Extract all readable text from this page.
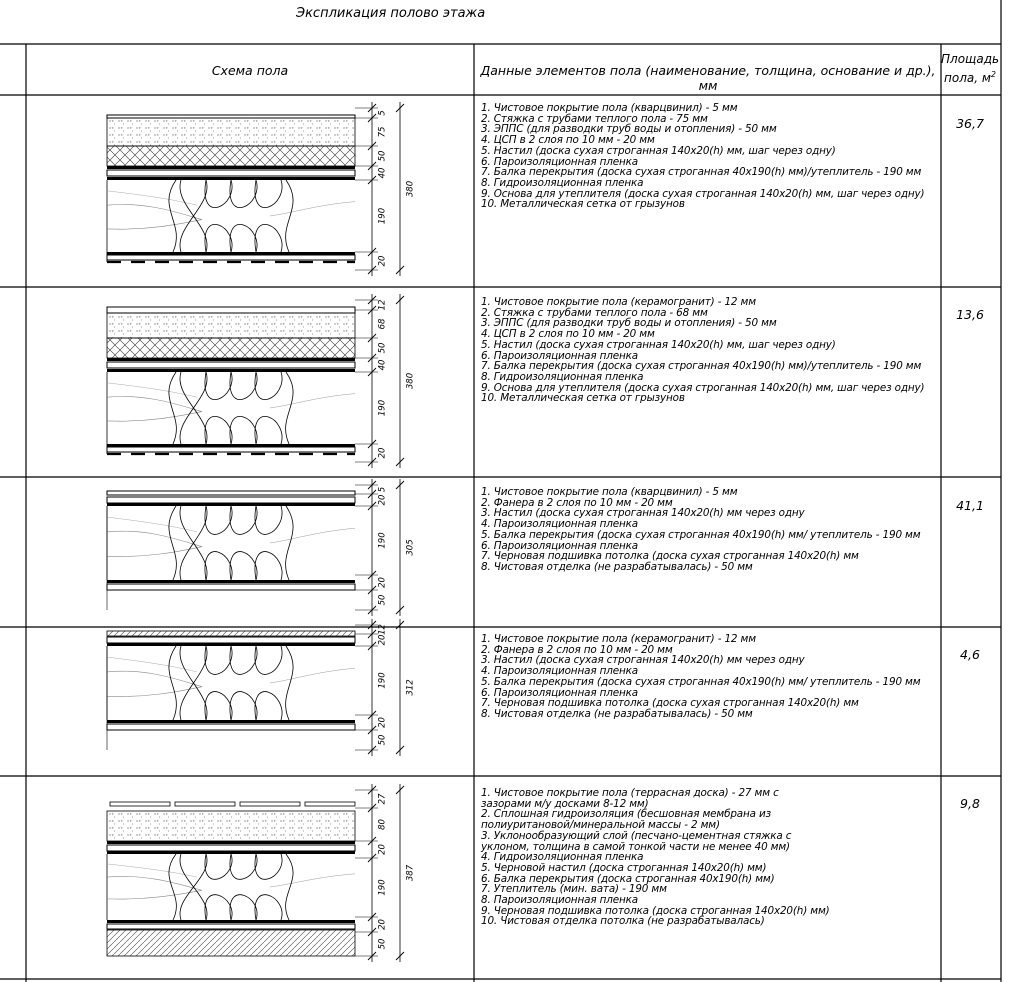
5
75
50
40
190
20
380
12
68
50
40
190
20
380
5
20
190
20
50
305
12
20
190
20
50
312
27
80
20
190
20
50
387
Экспликация полово этажа
Схема пола	Данные элементов пола (наименование, толщина, основание и др.), мм
Площадь
пола, $м^2$
1. Чистовое покрытие пола (кварцвинил) - 5 мм
2. Стяжка с трубами теплого пола - 75 мм
3. ЭППС (для разводки труб воды и отопления) - 50 мм
4. ЦСП в 2 слоя по 10 мм - 20 мм
5. Настил (доска сухая строганная 140х20(h) мм, шаг через одну)
6. Пароизоляционная пленка
7. Балка перекрытия (доска сухая строганная 40х190(h) мм)/утеплитель - 190 мм
8. Гидроизоляционная пленка
9. Основа для утеплителя (доска сухая строганная 140х20(h) мм, шаг через одну)
10. Металлическая сетка от грызунов
36,7
1. Чистовое покрытие пола (керамогранит) - 12 мм
2. Стяжка с трубами теплого пола - 68 мм
3. ЭППС (для разводки труб воды и отопления) - 50 мм
4. ЦСП в 2 слоя по 10 мм - 20 мм
5. Настил (доска сухая строганная 140х20(h) мм, шаг через одну)
6. Пароизоляционная пленка
7. Балка перекрытия (доска сухая строганная 40х190(h) мм)/утеплитель - 190 мм
8. Гидроизоляционная пленка
9. Основа для утеплителя (доска сухая строганная 140х20(h) мм, шаг через одну)
10. Металлическая сетка от грызунов
13,6
1. Чистовое покрытие пола (кварцвинил) - 5 мм
2. Фанера в 2 слоя по 10 мм - 20 мм
3. Настил (доска сухая строганная 140х20(h) мм через одну
4. Пароизоляционная пленка
5. Балка перекрытия (доска сухая строганная 40х190(h) мм/ утеплитель - 190 мм
6. Пароизоляционная пленка
7. Черновая подшивка потолка (доска сухая строганная 140х20(h) мм
8. Чистовая отделка (не разрабатывалась) - 50 мм
41,1
1. Чистовое покрытие пола (керамогранит) - 12 мм
2. Фанера в 2 слоя по 10 мм - 20 мм
3. Настил (доска сухая строганная 140х20(h) мм через одну
4. Пароизоляционная пленка
5. Балка перекрытия (доска сухая строганная 40х190(h) мм/ утеплитель - 190 мм
6. Пароизоляционная пленка
7. Черновая подшивка потолка (доска сухая строганная 140х20(h) мм
8. Чистовая отделка (не разрабатывалась) - 50 мм
4,6
1. Чистовое покрытие пола (террасная доска) - 27 мм с
зазорами м/у досками 8-12 мм)
2. Сплошная гидроизоляция (бесшовная мембрана из
полиуританoвой/минеральной массы - 2 мм)
3. Уклонообразующий слой (песчано-цементная стяжка с
уклоном, толщина в самой тонкой части не менее 40 мм)
4. Гидроизоляционная пленка
5. Черновой настил (доска строганная 140х20(h) мм)
6. Балка перекрытия (доска строганная 40х190(h) мм)
7. Утеплитель (мин. вата) - 190 мм
8. Пароизоляционная пленка
9. Черновая подшивка потолка (доска строганная 140х20(h) мм)
10. Чистовая отделка потолка (не разрабатывалась)
9,8
